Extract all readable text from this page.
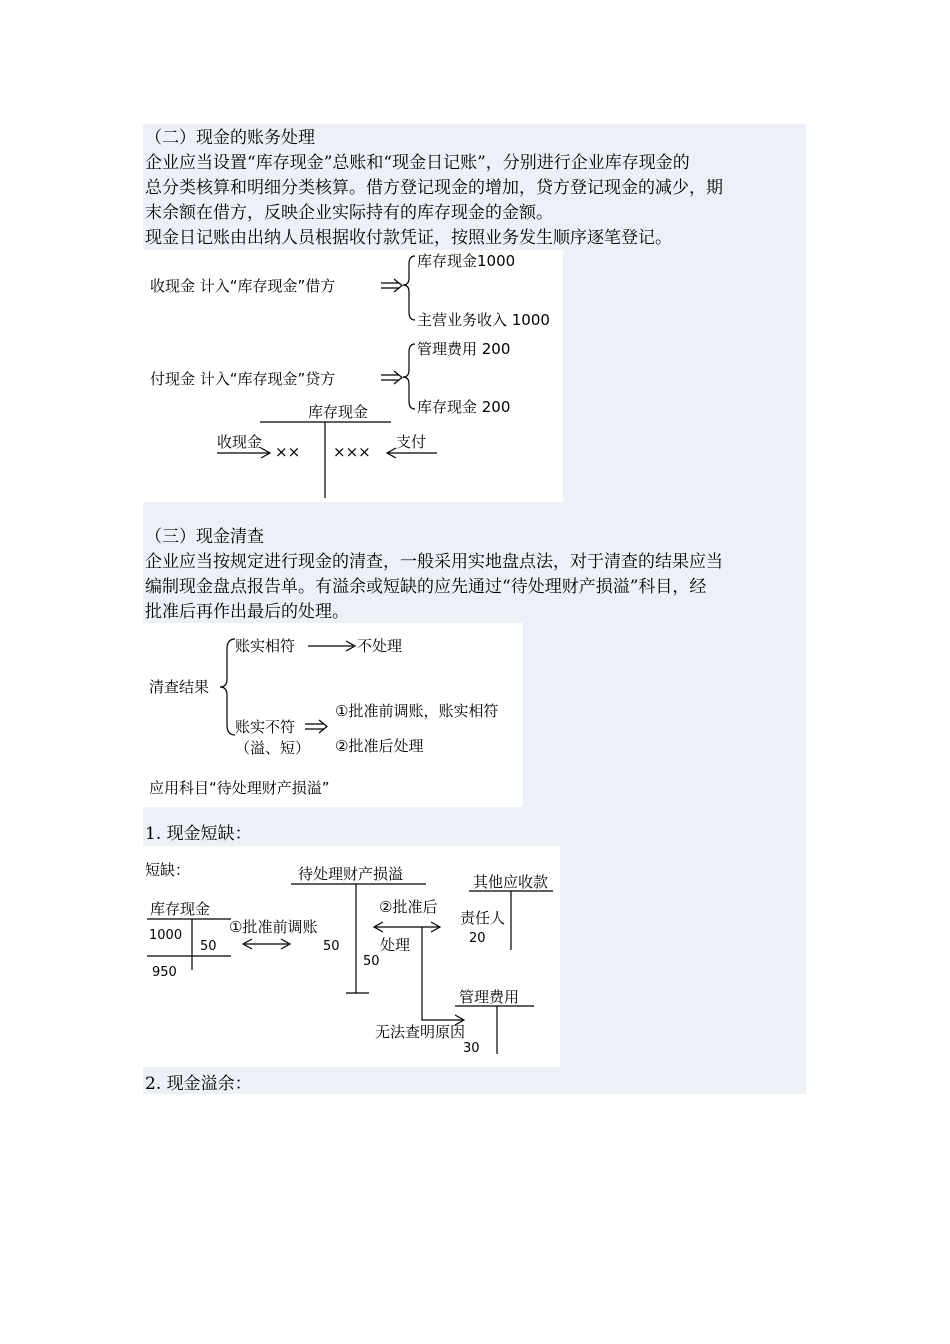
（二）现金的账务处理
企业应当设置“库存现金”总账和“现金日记账”，分别进行企业库存现金的
总分类核算和明细分类核算。借方登记现金的增加，贷方登记现金的减少，期
末余额在借方，反映企业实际持有的库存现金的金额。
现金日记账由出纳人员根据收付款凭证，按照业务发生顺序逐笔登记。
收现金 计入“库存现金”借方
库存现金1000
主营业务收入 1000
付现金 计入“库存现金”贷方
管理费用 200
库存现金 200
库存现金
收现金
×× ×××
支付
（三）现金清查
企业应当按规定进行现金的清查，一般采用实地盘点法，对于清查的结果应当
编制现金盘点报告单。有溢余或短缺的应先通过“待处理财产损溢”科目，经
批准后再作出最后的处理。
清查结果
账实相符	不处理
账实不符
（溢、短）
①批准前调账，账实相符
②批准后处理
应用科目“待处理财产损溢”
1. 现金短缺：
短缺：
库存现金
1000
50
950
①批准前调账
待处理财产损溢
50
50
②批准后
处理
其他应收款
责任人
20
管理费用
无法查明原因
30
2. 现金溢余：
